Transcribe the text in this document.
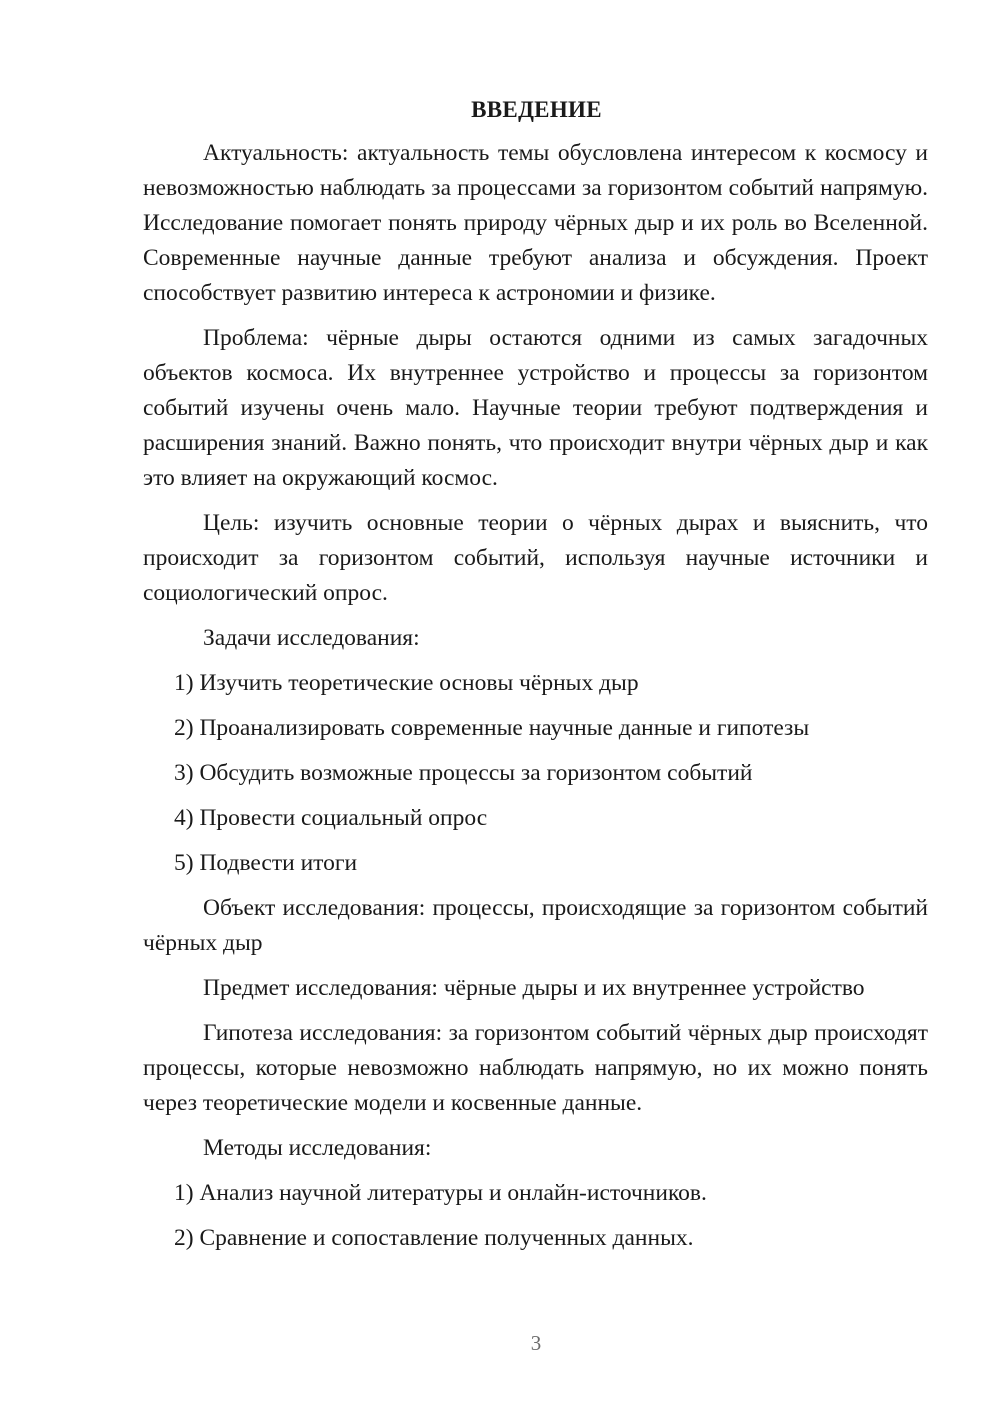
ВВЕДЕНИЕ

Актуальность: актуальность темы обусловлена интересом к космосу и невозможностью наблюдать за процессами за горизонтом событий напрямую. Исследование помогает понять природу чёрных дыр и их роль во Вселенной. Современные научные данные требуют анализа и обсуждения. Проект способствует развитию интереса к астрономии и физике.

Проблема: чёрные дыры остаются одними из самых загадочных объектов космоса. Их внутреннее устройство и процессы за горизонтом событий изучены очень мало. Научные теории требуют подтверждения и расширения знаний. Важно понять, что происходит внутри чёрных дыр и как это влияет на окружающий космос.

Цель: изучить основные теории о чёрных дырах и выяснить, что происходит за горизонтом событий, используя научные источники и социологический опрос.

Задачи исследования:

1) Изучить теоретические основы чёрных дыр
2) Проанализировать современные научные данные и гипотезы
3) Обсудить возможные процессы за горизонтом событий
4) Провести социальный опрос
5) Подвести итоги

Объект исследования: процессы, происходящие за горизонтом событий чёрных дыр

Предмет исследования: чёрные дыры и их внутреннее устройство

Гипотеза исследования: за горизонтом событий чёрных дыр происходят процессы, которые невозможно наблюдать напрямую, но их можно понять через теоретические модели и косвенные данные.

Методы исследования:

1) Анализ научной литературы и онлайн-источников.
2) Сравнение и сопоставление полученных данных.
3
